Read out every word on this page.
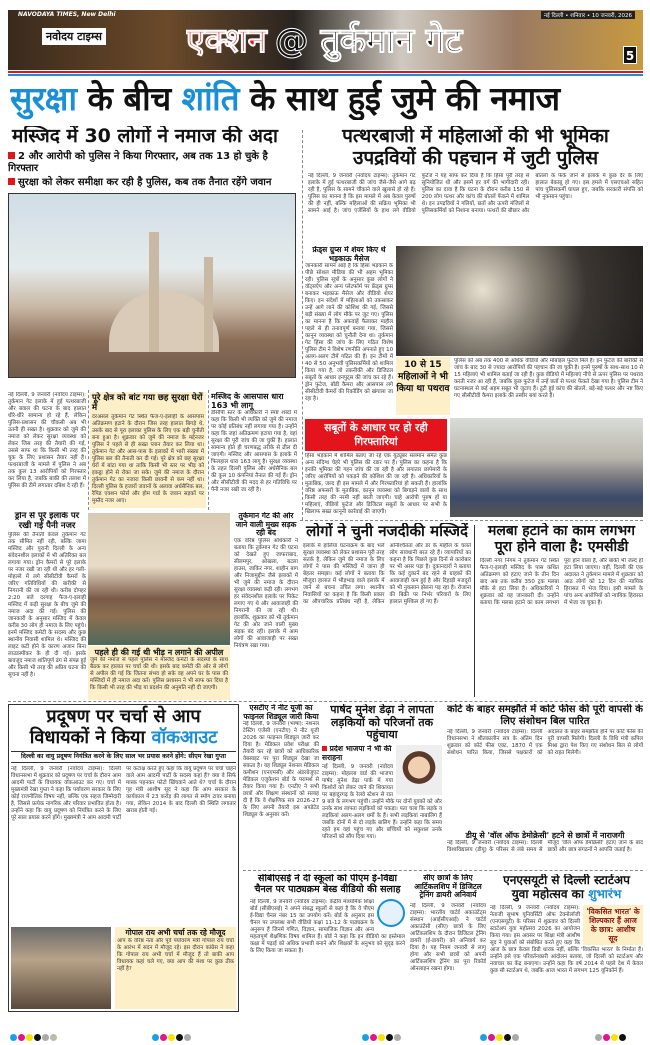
NAVODAYA TIMES, New Delhi	नई दिल्ली • शनिवार • 10 जनवरी, 2026
नवोदय टाइम्स एक्शन @ तुर्कमान गेट	5
सुरक्षा के बीच शांति के साथ हुई जुमे की नमाज
मस्जिद में 30 लोगों ने नमाज की अदा
2 और आरोपी को पुलिस ने किया गिरफ्तार, अब तक 13 हो चुके है गिरफ्तार
सुरक्षा को लेकर समीक्षा कर रही है पुलिस, कब तक तैनात रहेंगे जवान
नई दिल्ली, 9 जनवरी (नवोदय टाइम्स): तुर्कमान गेट इलाके में हुई पत्थरबाजी और बवाल की घटना के बाद हालात धीरे-धीरे सामान्य हो रहे हैं, लेकिन पुलिस-प्रशासन की चौकसी अब भी उतनी ही सख्त है। शुक्रवार को जुमे की नमाज को लेकर सुरक्षा व्यवस्था को लेकर जिस तरह की तैयारी की गई, उससे साफ था कि किसी भी तरह की चूक के लिए प्रशासन तैयार नहीं है। पत्थरबाजी के मामले में पुलिस ने अब तक कुल 13 आरोपियों को गिरफ्तार कर लिया है, जबकि बाकी की तलाश में पुलिस की टीमें लगातार दबिश दे रही हैं।
पूरे क्षेत्र को बांट गया छह सुरक्षा घेरों में
दरअसल तुर्कमान गेट स्थित फैज-ए-इलाही के आसपास अतिक्रमण हटाने के दौरान जिस तरह हालात बिगड़े थे, उसके बाद से पूरा इलाका पुलिस के लिए एक बड़ी चुनौती बना हुआ है। शुक्रवार को जुमे की नमाज के मद्देनजर पुलिस ने पहले से ही सख्त प्लान तैयार कर लिया था। तुर्कमान गेट और आस-पास के इलाकों में भारी संख्या में पुलिस बल की तैनाती कर दी गई। पूरे क्षेत्र को छह सुरक्षा घेरों में बांटा गया था ताकि किसी भी स्तर पर भीड़ को इकट्ठा होने से रोका जा सके। जुमे की नमाज के दौरान तुर्कमान गेट का नजारा किसी छावनी से कम नहीं था। दिल्ली पुलिस के हजारों जवानों के अलावा अर्धसैनिक बल, रैपिड एक्शन फोर्स और होम गार्ड के जवान सड़कों पर मुस्तैद नजर आए।
मस्जिद के आसपास धारा 163 भी लागू
डीसीपी स्तर के अधिकारी ने स्पष्ट शब्दों में कहा कि किसी भी व्यक्ति को जुमे की नमाज पर कोई प्रतिबंध नहीं लगाया गया है। उन्होंने कहा कि जहां अतिक्रमण हटाया गया है, वहां सुरक्षा की पूरी जांच की जा चुकी है। हालात सामान्य होते ही चरणबद्ध तरीके से ढील दी जाएगी। मस्जिद और आसपास के इलाके में फिलहाल धारा 163 लागू है। सुरक्षा व्यवस्था के तहत दिल्ली पुलिस और अर्धसैनिक बल की कुल 10 कंपनियां तैनात की गई हैं। ड्रोन और सीसीटीवी की मदद से हर गतिविधि पर पैनी नजर रखी जा रही है।
ड्रोन से पूरे इलाके पर रखी गई पैनी नजर
पुलिस की तैनाती केवल तुर्कमान गेट तक सीमित नहीं रही, बल्कि जामा मस्जिद और पुरानी दिल्ली के अन्य संवेदनशील इलाकों में भी अतिरिक्त बल लगाया गया। ड्रोन कैमरों से पूरे इलाके पर नजर रखी जा रही थी और हर गली-मोहल्ले में लगे सीसीटीवी कैमरों के जरिए गतिविधियों की बारीकी से निगरानी की जा रही थी। करीब दोपहर 2:20 बजे दरगाह फैज-ए-इलाही मस्जिद में कड़ी सुरक्षा के बीच जुमे की नमाज अदा की गई। पुलिस की जानकारी के अनुसार मस्जिद में केवल करीब 30 लोग ही नमाज के लिए पहुंचे। इनमें मस्जिद कमेटी के सदस्य और कुछ स्थानीय निवासी शामिल थे। मस्जिद की लाइट कटी होने के कारण अजान बिना लाउडस्पीकर के ही दी गई। इसके बावजूद नमाज शांतिपूर्ण ढंग से संपन्न हुई और किसी भी तरह की अप्रिय घटना की सूचना नहीं है।
पहले ही की गई थी भीड़ न लगाने की अपील
जुमे की नमाज से पहले पुलिस ने मस्जिद कमेटी के सदस्यों के साथ बैठक कर हालात पर चर्चा की थी। इसके बाद कमेटी की ओर से लोगों से अपील की गई कि जितना संभव हो सके वह अपने घर के पास की मस्जिदों में ही नमाज अदा करें। पुलिस प्रशासन ने भी साफ कर दिया है कि किसी भी तरह की भीड़ या प्रदर्शन की अनुमति नहीं दी जाएगी।
तुर्कमान गेट की ओर जाने वाली मुख्य सड़क रही बंद
एक वरिष्ठ पुलिस अधिकारी ने बताया कि तुर्कमान गेट की घटना को देखते हुए जाफराबाद, सीलमपुर, ओखला, बटला हाउस, जाकिर नगर, शाहीन बाग और निजामुद्दीन जैसे इलाकों में भी जुमे की नमाज के दौरान सुरक्षा व्यवस्था कड़ी रही। लगभग हर संवेदनशील इलाके पर पिकेट लगाए गए थे और आवाजाही की निगरानी की जा रही थी। हालांकि, शुक्रवार को भी तुर्कमान गेट की ओर जाने वाली मुख्य सड़क बंद रही। इलाके में आम लोगों की आवाजाही पर सख्त नियंत्रण रखा गया।
पत्थरबाजी में महिलाओं की भी भूमिका
उपद्रवियों की पहचान में जुटी पुलिस
नई दिल्ली, 9 जनवरी (नवोदय टाइम्स): तुर्कमान गेट इलाके में हुई पत्थरबाजी की जांच जैसे-जैसे आगे बढ़ रही है, पुलिस के सामने चौंकाने वाले खुलासे हो रहे हैं। पुलिस का मानना है कि इस मामले में अब केवल पुरुषों की ही नहीं, बल्कि महिलाओं की सक्रिय भूमिका भी सामने आई है। जांच एजेंसियों के हाथ लगे वीडियो फुटेज ने यह साफ कर दिया है कि हिंसा पूरी तरह से सुनियोजित थी और इसमें हर वर्ग की भागीदारी रही। पुलिस का दावा है कि घटना के दौरान करीब 150 से 200 लोग पत्थर और कांच की बोतलें फेंकने में शामिल थे। इन उपद्रवियों ने गलियों, छतों और ऊपरी मंजिलों से पुलिसकर्मियों को निशाना बनाया। पत्थरों की बौछार और बोतलों के फेंके जाने से इलाके में कुछ देर के लिए हालात बेकाबू हो गए। इस हमले में एसएचओ सहित पांच पुलिसकर्मी घायल हुए, जबकि सरकारी संपत्ति को भी नुकसान पहुंचा।
फ्रेंड्स ग्रुप्स में शेयर किए थे भड़काऊ मैसेज
जानकारी सामने आई है कि हिंसा भड़काने के पीछे सोशल मीडिया की भी अहम भूमिका रही। पुलिस सूत्रों के अनुसार कुछ लोगों ने वॉट्सऐप और अन्य प्लेटफॉर्म पर फ्रेंड्स ग्रुप्स बनाकर भड़काऊ मैसेज और वीडियो शेयर किए। इन संदेशों में महिलाओं को उकसाकर उन्हें आगे लाने की कोशिश की गई, जिससे बड़ी संख्या में लोग मौके पर जुट गए। पुलिस का मानना है कि अफवाहें फैलाकर माहौल पहले से ही तनावपूर्ण बनाया गया, जिससे कानून व्यवस्था को चुनौती देना था। तुर्कमान गेट हिंसा की जांच के लिए गठित विशेष पुलिस टीम ने विशेष रणनीति अपनाते हुए 10 अलग-अलग टीमें गठित की हैं। इन टीमों में 40 से 50 अनुभवी पुलिसकर्मियों को शामिल किया गया है, जो तकनीकी और डिजिटल सबूतों के आधार इनपुट्स की जांच कर रहे हैं। ड्रोन फुटेज, बॉडी कैमरा और आसपास लगे सीसीटीवी कैमरों की रिकॉर्डिंग को खंगाला जा रहा है।
10 से 15 महिलाओं ने भी किया था पथराव
पुलिस को अब तक 400 से अधिक वीडियो और मोबाइल फुटेज मिले हैं। इन फुटेज की बारीकी से जांच के बाद 30 से ज्यादा आरोपियों की पहचान की जा चुकी है। इनमें पुरुषों के साथ-साथ 10 से 15 महिलाएं भी शामिल बताई जा रही हैं। कुछ वीडियो में महिलाएं नीचे से ऊपर पुलिस पर पथराव करती नजर आ रही हैं, जबकि कुछ फुटेज में उन्हें छतों से पत्थर फेंकते देखा गया है। पुलिस टीम ने घटनास्थल से कई अहम सबूत भी जुटाए हैं। टूटी हुई कांच की बोतलें, बड़े-बड़े पत्थर और नष्ट किए गए सीसीटीवी कैमरा इलाके की तस्वीर बयां करते हैं।
सबूतों के आधार पर हो रही गिरफ्तारियां
हिंसा भड़काने में शामिल बताए जा रहे एक यूट्यूबर सलमान समेत कुछ अन्य संदिग्ध चेहरे भी पुलिस की रडार पर हैं। पुलिस का कहना है कि इनकी भूमिका की गहन जांच की जा रही है और लगातार छापेमारी के जरिए आरोपियों को पकड़ने की कोशिश की जा रही है। अधिकारियों के मुताबिक, जल्द ही इस मामले में और गिरफ्तारियां हो सकती हैं। हालांकि वरिष्ठ अफसरों के मुताबिक, कानून व्यवस्था को बिगाड़ने वालों के साथ किसी तरह की नरमी नहीं बरती जाएगी। चाहे आरोपी पुरुष हों या महिलाएं, वीडियो फुटेज और डिजिटल सबूतों के आधार पर सभी के खिलाफ सख्त कानूनी कार्रवाई की जाएगी।
लोगों ने चुनी नजदीकी मस्जिदें
इलाके में हालिया घटनाक्रम के बाद भले सुरक्षा व्यवस्था को लेकर प्रशासन पूरी तरह सतर्क है, लेकिन जुमे की नमाज के लिए लोगों ने पास की मस्जिदों में जाना ही बेहतर समझा। कई लोगों ने बताया कि मौजूदा हालात में भीड़भाड़ वाले इलाके में जाने से बचना उचित लगा। स्थानीय निवासियों का कहना है कि किसी प्रकार का औपचारिक प्रतिबंध नहीं है, लेकिन अनिश्चितता और डर के माहौल के चलते लोग सावधानी बरत रहे हैं। व्यापारियों का कहना है कि पिछले कुछ दिनों से कारोबार पर भी असर पड़ा है। दुकानदारों ने बताया कि कई दुकानें बंद रहने से ग्राहकों की आवाजाही कम हुई है और दिहाड़ी मजदूरों को भी नुकसान झेलना पड़ रहा है। रोजाना की बिक्री पर निर्भर परिवारों के लिए हालात मुश्किल हो गए हैं।
मलबा हटाने का काम लगभग पूरा होने वाला है: एमसीडी
दिल्ली नगर निगम ने तुर्कमान गेट स्थित फैज-ए-इलाही मस्जिद के पास कथित अतिक्रमण को हटाए जाने के तीन दिन बाद अब तक करीब 350 ट्रक मलबा मौके से हटा लिया है। अधिकारियों ने शुक्रवार को यह जानकारी दी। उन्होंने बताया कि मलबा हटाने का काम लगभग पूरा होने वाला है, और बाकी भी जल्द हो हटा लिया जाएगा। वहीं, दिल्ली की एक अदालत ने तुर्कमान मामले में शुक्रवार को आठ लोगों को 12 दिन की न्यायिक हिरासत में भेज दिया। इसी मामले के पांच अन्य आरोपियों को न्यायिक हिरासत में भेजा जा चुका है।
प्रदूषण पर चर्चा से आप
विधायकों ने किया वॉकआउट
दिल्ली का वायु प्रदूषण नियंत्रित करने के लिए साल भर प्रयास करने होंगे: सीएम रेखा गुप्ता
नई दिल्ली, 9 जनवरी (नवोदय टाइम्स): दिल्ली विधानसभा में शुक्रवार को प्रदूषण पर चर्चा के दौरान आम आदमी पार्टी के विधायक वॉकआउट कर गए। चर्चा में मुख्यमंत्री रेखा गुप्ता ने कहा कि पर्यावरण सरकार के लिए कोई राजनीतिक विषय नहीं, बल्कि एक सहज जिम्मेदारी है, जिससे प्रत्येक नागरिक और परिवार प्रभावित होता है। उन्होंने कहा कि वायु प्रदूषण को नियंत्रित करने के लिए पूरे साल प्रयास करने होंगे। मुख्यमंत्री ने आम आदमी पार्टी पर कटाक्ष करते हुए कहा कि वायु प्रदूषण पर चर्चा चाहने वाले आम आदमी पार्टी के सदस्य कहां हैं? क्या वे सिर्फ मास्क पहनकर फोटो खिंचवाने आते थे? चर्चा के दौरान गृह मंत्री आशीष सूद ने कहा कि आप सरकार के कार्यकाल में 23 करोड़ की लागत से स्मॉग टावर बनाया गया, लेकिन 2014 के बाद दिल्ली की स्थिति लगातार खराब होती गई।
गोपाल राय अभी चर्चा तक रहे मौजूद
आप के वरिष्ठ नेता और पूर्व पर्यावरण मंत्री गोपाल राय चर्चा के आरंभ में सदन में मौजूद रहे। इस दौरान कांग्रेस ने कहा कि गोपाल राय अभी चर्चा में मौजूद हैं तो बाकी आप विधायक कहां चले गए, क्या आप की मंशा पर कुछ ठीक नहीं है?
एसटीए ने नीट यूजी का फाइनल शिड्यूल जारी किया
नई दिल्ली, 9 जनवरी (भाषा): नेशनल टेस्टिंग एजेंसी (एनटीए) ने नीट यूजी 2026 का फाइनल शिड्यूल जारी कर दिया है। मेडिकल प्रवेश परीक्षा की तैयारी कर रहे छात्रों को आधिकारिक वेबसाइट पर पूरा शिड्यूल देखा जा सकता है। यह शिड्यूल नेशनल मेडिकल कमीशन (एनएमसी) और अंडरग्रेजुएट मेडिकल एजुकेशन बोर्ड के परामर्श से तैयार किया गया है। एनटीए ने सभी छात्रों और शिक्षण संस्थानों को सलाह दी है कि वे शैक्षणिक सत्र 2026-27 के लिए अपनी तैयारी इस अपडेटेड शिड्यूल के अनुसार करें।
पार्षद मुनेश डेढ़ा ने लापता लड़कियों को परिजनों तक पहुंचाया
प्रदेश भाजपा ने भी की सराहना
नई दिल्ली, 9 जनवरी (नवोदय टाइम्स): मोहल्ला वार्ड की भाजपा पार्षद मुनेश डेढ़ा पार्क में गया किशोरों को लेकर जाने की शिकायत पर बहादुरगढ़ के रेलवे स्टेशन से रात 9 बजे के लगभग पहुंचीं। उन्होंने मौके पर दोनों युवकों को और उनके साथ लापता लड़कियों को पकड़ा। पता चला कि लड़के व लड़कियां अलग-अलग धर्मों के हैं। सभी लड़कियां नाबालिग हैं जबकि दोनों में से दो लड़के बालिग हैं। उन्होंने कहा कि समय रहते हम वहां पहुंच गए और बच्चियों को सकुशल उनके परिजनों को सौंप दिया गया।
कोर्ट के बाहर समझौते में कोर्ट फीस की पूरी वापसी के लिए संशोधन बिल पारित
नई दिल्ली, 9 जनवरी (नवोदय टाइम्स): दिल्ली विधानसभा ने शीतकालीन सत्र के अंतिम दिन शुक्रवार को कोर्ट फीस एक्ट, 1870 में एक संशोधन पारित किया, जिससे पक्षकारों को अदालत के बाहर समझौता होने पर कोर्ट फीस की पूरी वापसी मिलेगी। दिल्ली के विधि मंत्री कपिल मिश्रा द्वारा पेश किए गए संशोधन बिल से लोगों को राहत मिलेगी।
डीयू से 'वॉल ऑफ डेमोक्रेसी' हटने से छात्रों में नाराजगी
नई दिल्ली, 9 जनवरी (नवोदय टाइम्स): दिल्ली विश्वविद्यालय (डीयू) के परिसर से लंबे समय से मौजूद 'वॉल ऑफ डेमोक्रेसी' हटाए जाने के बाद छात्रों और छात्र संगठनों ने आपत्ति जताई है।
सीबीएसई ने दी स्कूलों को पीएम ई-विद्या चैनल पर पाठ्यक्रम बेस्ड वीडियो की सलाह
नई दिल्ली, 9 जनवरी (नवोदय टाइम्स): केंद्रीय माध्यमिक शिक्षा बोर्ड (सीबीएसई) ने अपने संबद्ध स्कूलों से कहा है कि वे पीएम ई-विद्या चैनल नंबर 15 का उपयोग करें। बोर्ड के अनुसार इस चैनल पर उपलब्ध सभी वीडियो कक्षा 11-12 के पाठ्यक्रम के अनुरूप हैं जिनमें गणित, विज्ञान, सामाजिक विज्ञान और अन्य महत्वपूर्ण शैक्षणिक विषय शामिल हैं। बोर्ड ने कहा कि इन वीडियो का इस्तेमाल कक्षा में पढ़ाई को अधिक प्रभावी बनाने और शिक्षकों के अनुभव को सुदृढ़ करने के लिए किया जा सकता है।
सीए छात्रों के लिए आर्टिकलशिप में डिजिटल ट्रेनिंग डायरी अनिवार्य
नई दिल्ली, 9 जनवरी (नवोदय टाइम्स): भारतीय चार्टर्ड अकाउंटेंट्स संस्थान (आईसीएआई) ने चार्टर्ड अकाउंटेंसी (सीए) छात्रों के लिए आर्टिकलशिप के दौरान डिजिटल ट्रेनिंग डायरी (ई-डायरी) को अनिवार्य कर दिया है। यह नियम जनवरी से लागू होगा और सभी छात्रों को अपनी आर्टिकलशिप ट्रेनिंग का पूरा रिकॉर्ड ऑनलाइन रखना होगा।
एनएसयूटी से दिल्ली स्टार्टअप
युवा महोत्सव का शुभारंभ
'विकसित भारत' के शिल्पकार हैं आज के छात्र: आशीष सूद
नई दिल्ली, 9 जनवरी (नवोदय टाइम्स): नेताजी सुभाष यूनिवर्सिटी ऑफ टेक्नोलॉजी (एनएसयूटी) के परिसर में शुक्रवार को दिल्ली स्टार्टअप युवा महोत्सव 2026 का आयोजन किया गया। इस अवसर पर शिक्षा मंत्री आशीष सूद ने युवाओं को संबोधित करते हुए कहा कि आज के छात्र केवल डिग्री धारक नहीं, बल्कि 'विकसित भारत' के निर्माता हैं। उन्होंने इसे एक परिवर्तनकारी आंदोलन बताया, जो दिल्ली को स्टार्टअप और नवाचार का केंद्र बनाएगा। उन्होंने कहा कि वर्ष 2014 से पहले देश में केवल कुछ सौ स्टार्टअप थे, जबकि आज भारत में लगभग 125 यूनिकॉर्न हैं।
